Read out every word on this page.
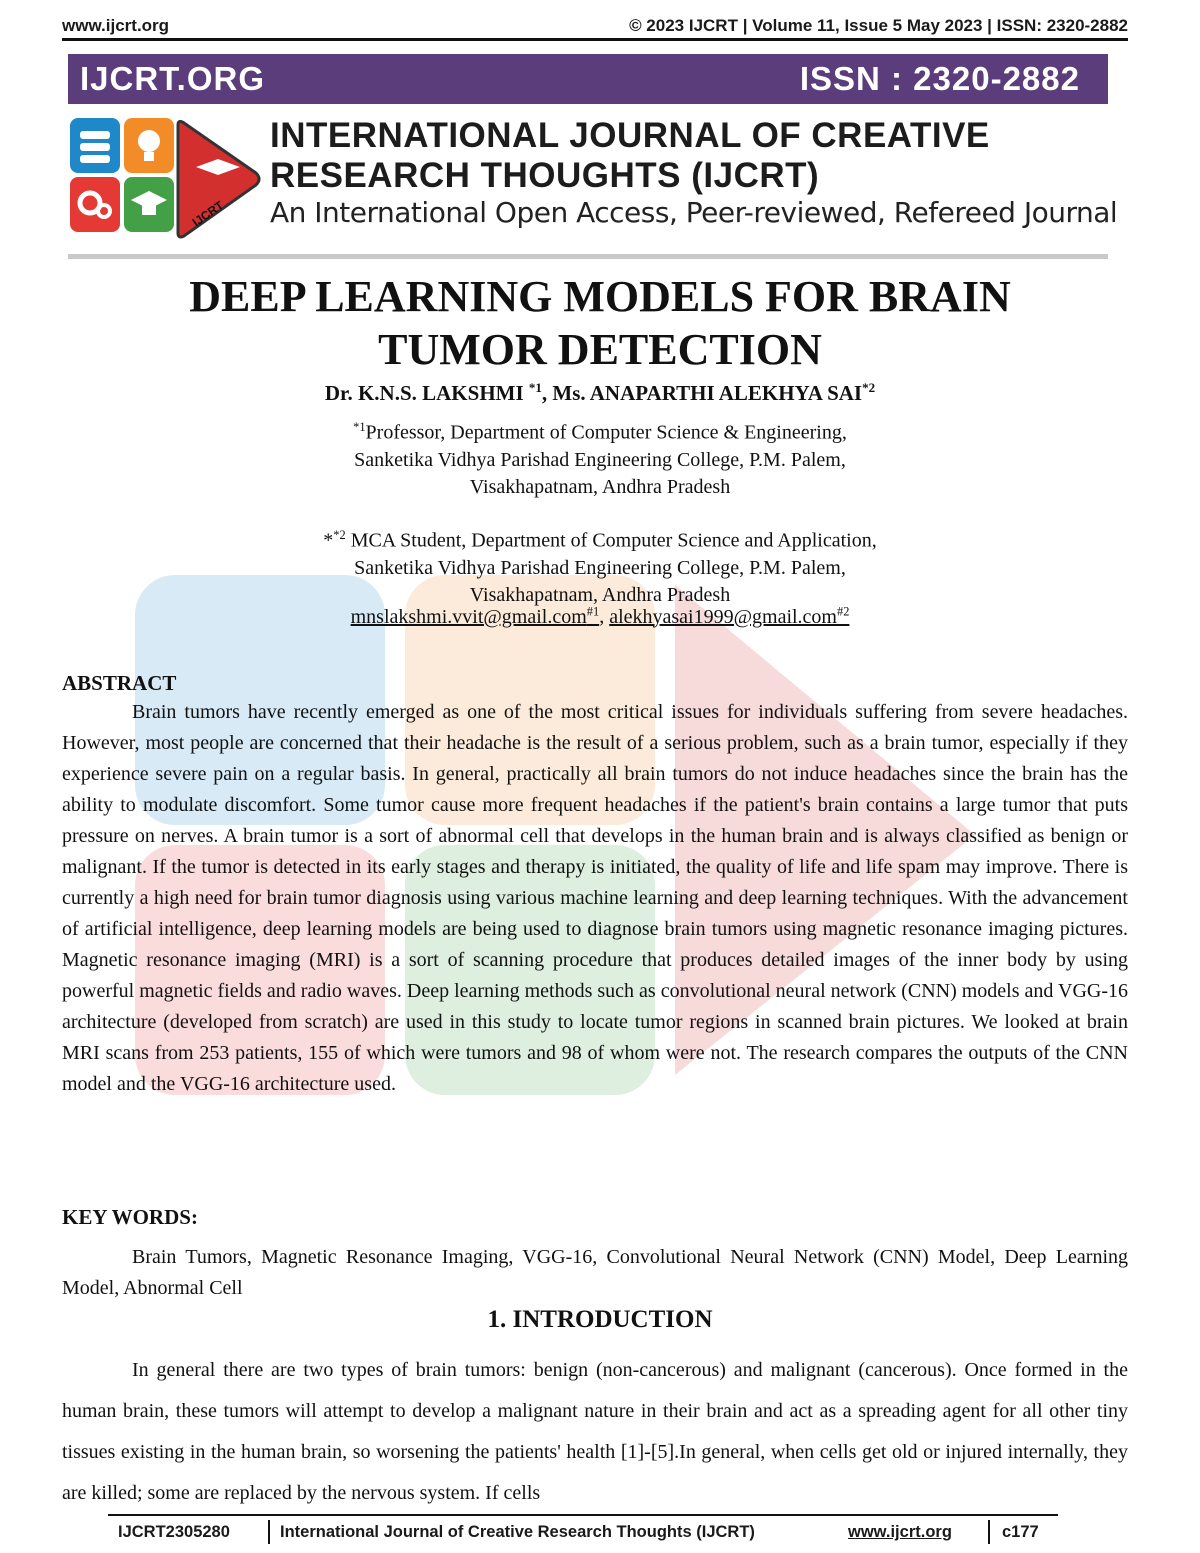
www.ijcrt.org	© 2023 IJCRT | Volume 11, Issue 5 May 2023 | ISSN: 2320-2882
IJCRT.ORG	ISSN : 2320-2882
IJCRT
INTERNATIONAL JOURNAL OF CREATIVE
RESEARCH THOUGHTS (IJCRT)
An International Open Access, Peer-reviewed, Refereed Journal
DEEP LEARNING MODELS FOR BRAIN
TUMOR DETECTION
Dr. K.N.S. LAKSHMI $^{*1}$, Ms. ANAPARTHI ALEKHYA SAI$^{*2}$
$^{*1}$Professor, Department of Computer Science & Engineering,
Sanketika Vidhya Parishad Engineering College, P.M. Palem,
Visakhapatnam, Andhra Pradesh
*$^{*2}$ MCA Student, Department of Computer Science and Application,
Sanketika Vidhya Parishad Engineering College, P.M. Palem,
Visakhapatnam, Andhra Pradesh
mnslakshmi.vvit@gmail.com$^{\#1}$, alekhyasai1999@gmail.com$^{\#2}$
ABSTRACT
Brain tumors have recently emerged as one of the most critical issues for individuals suffering from severe headaches. However, most people are concerned that their headache is the result of a serious problem, such as a brain tumor, especially if they experience severe pain on a regular basis. In general, practically all brain tumors do not induce headaches since the brain has the ability to modulate discomfort. Some tumor cause more frequent headaches if the patient's brain contains a large tumor that puts pressure on nerves. A brain tumor is a sort of abnormal cell that develops in the human brain and is always classified as benign or malignant. If the tumor is detected in its early stages and therapy is initiated, the quality of life and life spam may improve. There is currently a high need for brain tumor diagnosis using various machine learning and deep learning techniques. With the advancement of artificial intelligence, deep learning models are being used to diagnose brain tumors using magnetic resonance imaging pictures. Magnetic resonance imaging (MRI) is a sort of scanning procedure that produces detailed images of the inner body by using powerful magnetic fields and radio waves. Deep learning methods such as convolutional neural network (CNN) models and VGG-16 architecture (developed from scratch) are used in this study to locate tumor regions in scanned brain pictures. We looked at brain MRI scans from 253 patients, 155 of which were tumors and 98 of whom were not. The research compares the outputs of the CNN model and the VGG-16 architecture used.
KEY WORDS:
Brain Tumors, Magnetic Resonance Imaging, VGG-16, Convolutional Neural Network (CNN) Model, Deep Learning Model, Abnormal Cell
1. INTRODUCTION
In general there are two types of brain tumors: benign (non-cancerous) and malignant (cancerous). Once formed in the human brain, these tumors will attempt to develop a malignant nature in their brain and act as a spreading agent for all other tiny tissues existing in the human brain, so worsening the patients' health [1]-[5].In general, when cells get old or injured internally, they are killed; some are replaced by the nervous system. If cells
IJCRT2305280	International Journal of Creative Research Thoughts (IJCRT)	www.ijcrt.org	c177
